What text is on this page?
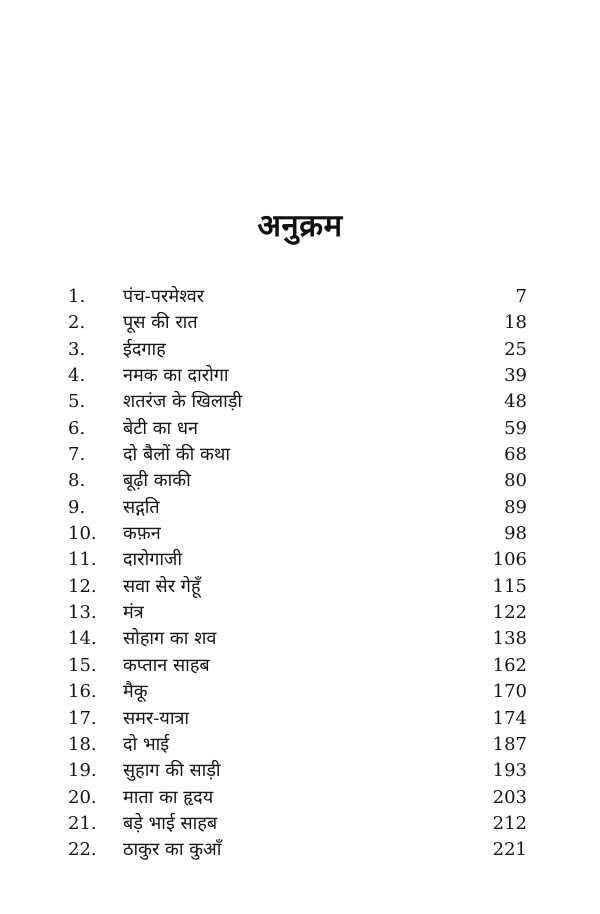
अनुक्रम
1.	पंच-परमेश्वर	7
2.	पूस की रात	18
3.	ईदगाह	25
4.	नमक का दारोगा	39
5.	शतरंज के खिलाड़ी	48
6.	बेटी का धन	59
7.	दो बैलों की कथा	68
8.	बूढ़ी काकी	80
9.	सद्गति	89
10.	कफ़न	98
11.	दारोगाजी	106
12.	सवा सेर गेहूँ	115
13.	मंत्र	122
14.	सोहाग का शव	138
15.	कप्तान साहब	162
16.	मैकू	170
17.	समर-यात्रा	174
18.	दो भाई	187
19.	सुहाग की साड़ी	193
20.	माता का हृदय	203
21.	बड़े भाई साहब	212
22.	ठाकुर का कुआँ	221
